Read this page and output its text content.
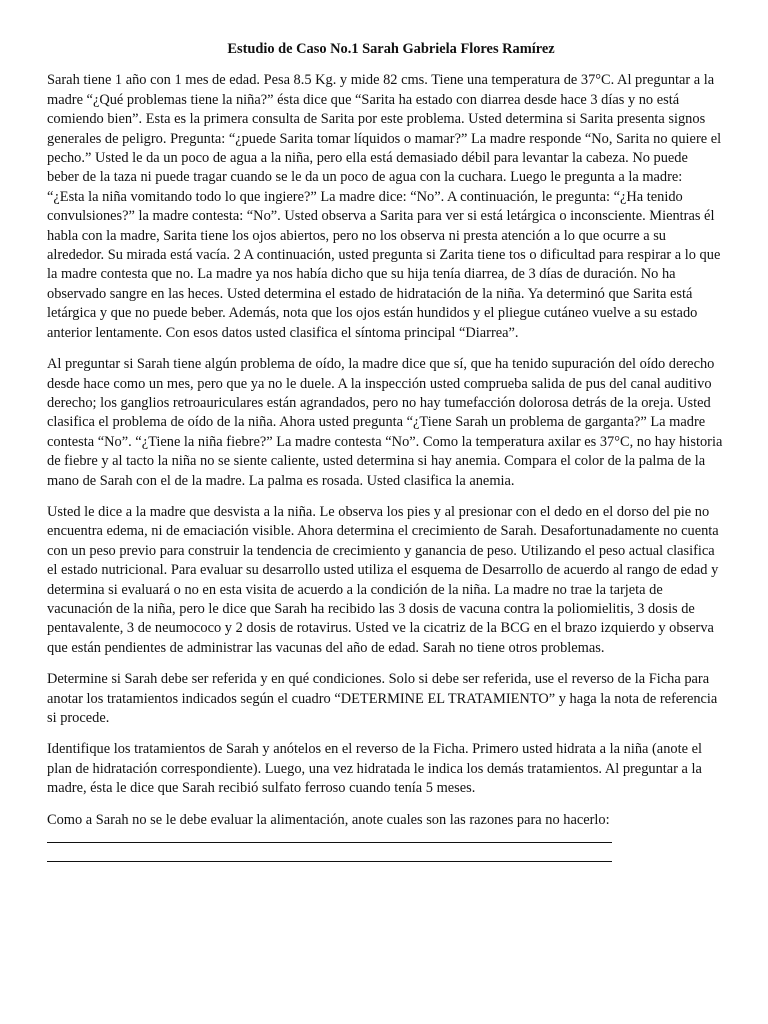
Estudio de Caso No.1 Sarah Gabriela Flores Ramírez

Sarah tiene 1 año con 1 mes de edad. Pesa 8.5 Kg. y mide 82 cms. Tiene una temperatura de 37°C. Al preguntar a la madre “¿Qué problemas tiene la niña?” ésta dice que “Sarita ha estado con diarrea desde hace 3 días y no está comiendo bien”. Esta es la primera consulta de Sarita por este problema. Usted determina si Sarita presenta signos generales de peligro. Pregunta: “¿puede Sarita tomar líquidos o mamar?” La madre responde “No, Sarita no quiere el pecho.” Usted le da un poco de agua a la niña, pero ella está demasiado débil para levantar la cabeza. No puede beber de la taza ni puede tragar cuando se le da un poco de agua con la cuchara. Luego le pregunta a la madre: “¿Esta la niña vomitando todo lo que ingiere?” La madre dice: “No”. A continuación, le pregunta: “¿Ha tenido convulsiones?” la madre contesta: “No”. Usted observa a Sarita para ver si está letárgica o inconsciente. Mientras él habla con la madre, Sarita tiene los ojos abiertos, pero no los observa ni presta atención a lo que ocurre a su alrededor. Su mirada está vacía. 2 A continuación, usted pregunta si Zarita tiene tos o dificultad para respirar a lo que la madre contesta que no. La madre ya nos había dicho que su hija tenía diarrea, de 3 días de duración. No ha observado sangre en las heces. Usted determina el estado de hidratación de la niña. Ya determinó que Sarita está letárgica y que no puede beber. Además, nota que los ojos están hundidos y el pliegue cutáneo vuelve a su estado anterior lentamente. Con esos datos usted clasifica el síntoma principal “Diarrea”.

Al preguntar si Sarah tiene algún problema de oído, la madre dice que sí, que ha tenido supuración del oído derecho desde hace como un mes, pero que ya no le duele. A la inspección usted comprueba salida de pus del canal auditivo derecho; los ganglios retroauriculares están agrandados, pero no hay tumefacción dolorosa detrás de la oreja. Usted clasifica el problema de oído de la niña. Ahora usted pregunta “¿Tiene Sarah un problema de garganta?” La madre contesta “No”. “¿Tiene la niña fiebre?” La madre contesta “No”. Como la temperatura axilar es 37°C, no hay historia de fiebre y al tacto la niña no se siente caliente, usted determina si hay anemia. Compara el color de la palma de la mano de Sarah con el de la madre. La palma es rosada. Usted clasifica la anemia.

Usted le dice a la madre que desvista a la niña. Le observa los pies y al presionar con el dedo en el dorso del pie no encuentra edema, ni de emaciación visible. Ahora determina el crecimiento de Sarah. Desafortunadamente no cuenta con un peso previo para construir la tendencia de crecimiento y ganancia de peso. Utilizando el peso actual clasifica el estado nutricional. Para evaluar su desarrollo usted utiliza el esquema de Desarrollo de acuerdo al rango de edad y determina si evaluará o no en esta visita de acuerdo a la condición de la niña. La madre no trae la tarjeta de vacunación de la niña, pero le dice que Sarah ha recibido las 3 dosis de vacuna contra la poliomielitis, 3 dosis de pentavalente, 3 de neumococo y 2 dosis de rotavirus. Usted ve la cicatriz de la BCG en el brazo izquierdo y observa que están pendientes de administrar las vacunas del año de edad. Sarah no tiene otros problemas.

Determine si Sarah debe ser referida y en qué condiciones. Solo si debe ser referida, use el reverso de la Ficha para anotar los tratamientos indicados según el cuadro “DETERMINE EL TRATAMIENTO” y haga la nota de referencia si procede.

Identifique los tratamientos de Sarah y anótelos en el reverso de la Ficha. Primero usted hidrata a la niña (anote el plan de hidratación correspondiente). Luego, una vez hidratada le indica los demás tratamientos. Al preguntar a la madre, ésta le dice que Sarah recibió sulfato ferroso cuando tenía 5 meses.

Como a Sarah no se le debe evaluar la alimentación, anote cuales son las razones para no hacerlo:
